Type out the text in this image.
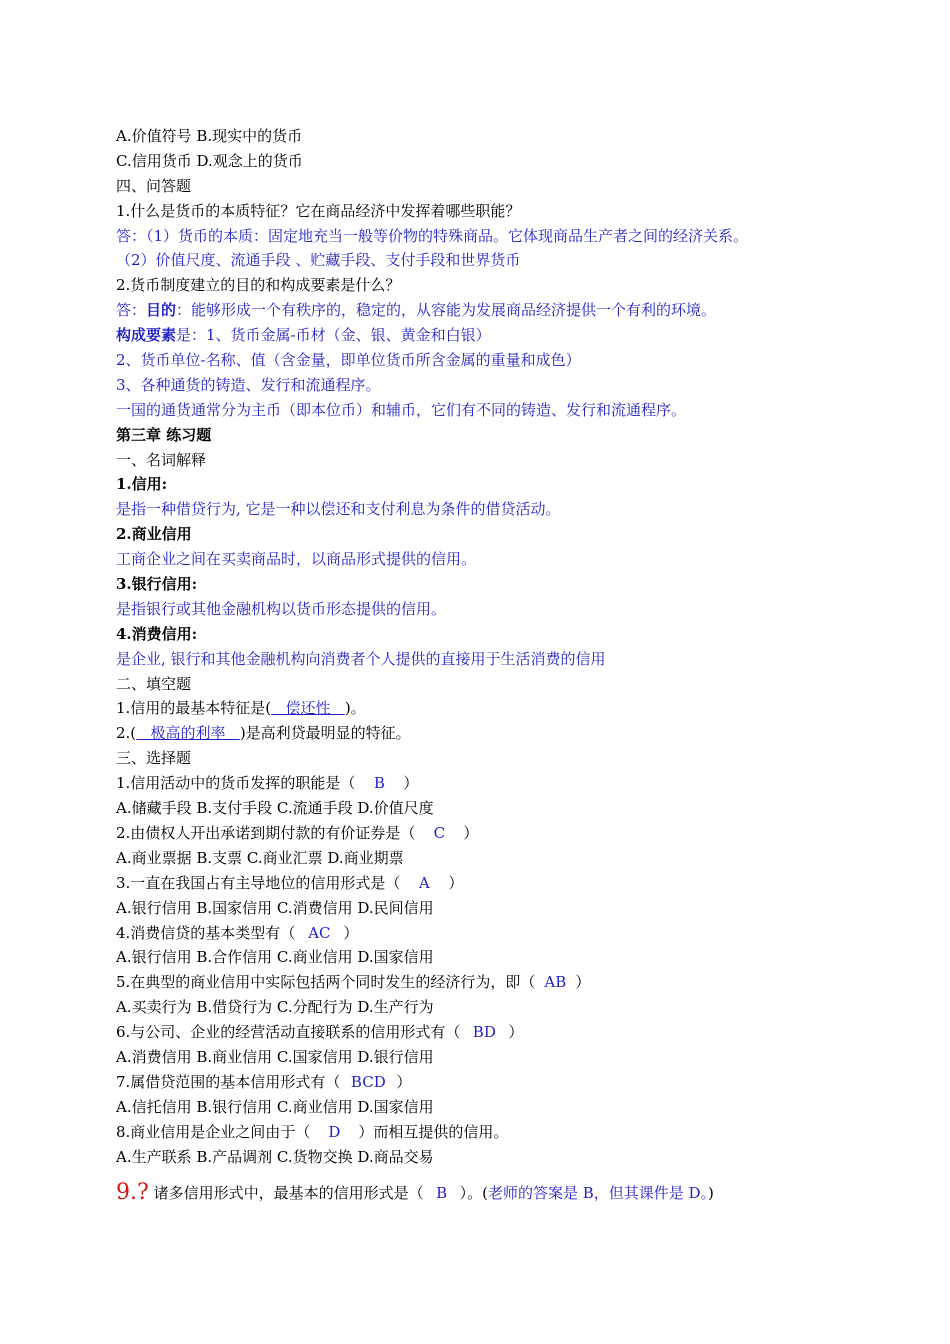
A.价值符号 B.现实中的货币
C.信用货币 D.观念上的货币
四、问答题
1.什么是货币的本质特征？它在商品经济中发挥着哪些职能？
答：（1）货币的本质：固定地充当一般等价物的特殊商品。它体现商品生产者之间的经济关系。
（2）价值尺度、流通手段 、贮藏手段、支付手段和世界货币
2.货币制度建立的目的和构成要素是什么？
答：目的：能够形成一个有秩序的，稳定的，从容能为发展商品经济提供一个有利的环境。
构成要素是：1、货币金属-币材（金、银、黄金和白银）
2、货币单位-名称、值（含金量，即单位货币所含金属的重量和成色）
3、各种通货的铸造、发行和流通程序。
一国的通货通常分为主币（即本位币）和辅币，它们有不同的铸造、发行和流通程序。
第三章 练习题
一、名词解释
1.信用:
是指一种借贷行为, 它是一种以偿还和支付利息为条件的借贷活动。
2.商业信用
工商企业之间在买卖商品时，以商品形式提供的信用。
3.银行信用:
是指银行或其他金融机构以货币形态提供的信用。
4.消费信用:
是企业, 银行和其他金融机构向消费者个人提供的直接用于生活消费的信用
二、填空题
1.信用的最基本特征是( 偿还性 )。
2.( 极高的利率 )是高利贷最明显的特征。
三、选择题
1.信用活动中的货币发挥的职能是（ B ）
A.储藏手段 B.支付手段 C.流通手段 D.价值尺度
2.由债权人开出承诺到期付款的有价证券是（ C ）
A.商业票据 B.支票 C.商业汇票 D.商业期票
3.一直在我国占有主导地位的信用形式是（ A ）
A.银行信用 B.国家信用 C.消费信用 D.民间信用
4.消费信贷的基本类型有（ AC ）
A.银行信用 B.合作信用 C.商业信用 D.国家信用
5.在典型的商业信用中实际包括两个同时发生的经济行为，即（ AB ）
A.买卖行为 B.借贷行为 C.分配行为 D.生产行为
6.与公司、企业的经营活动直接联系的信用形式有（ BD ）
A.消费信用 B.商业信用 C.国家信用 D.银行信用
7.属借贷范围的基本信用形式有（ BCD ）
A.信托信用 B.银行信用 C.商业信用 D.国家信用
8.商业信用是企业之间由于（ D ）而相互提供的信用。
A.生产联系 B.产品调剂 C.货物交换 D.商品交易
9.? 诸多信用形式中，最基本的信用形式是（ B ）。(老师的答案是 B，但其课件是 D。)
